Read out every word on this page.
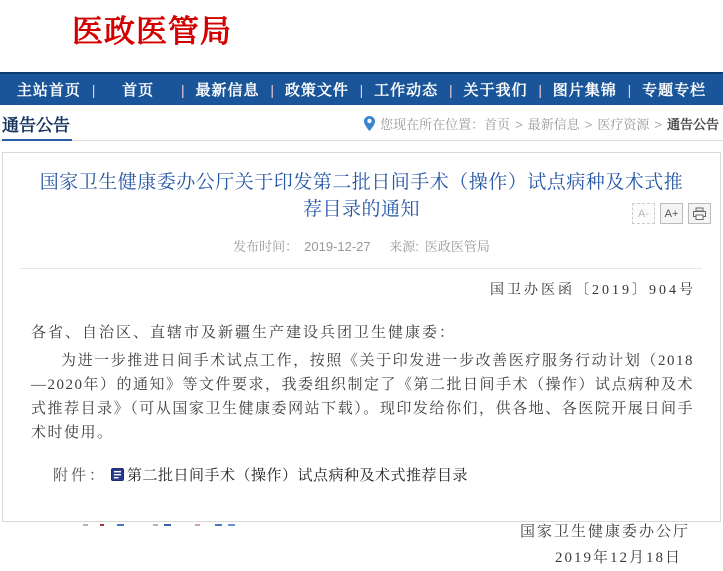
医政医管局
主站首页 |	首页	| 最新信息 | 政策文件 | 工作动态 | 关于我们 | 图片集锦 | 专题专栏
通告公告	您现在所在位置： 首页 > 最新信息 > 医疗资源 > 通告公告
国家卫生健康委办公厅关于印发第二批日间手术（操作）试点病种及术式推荐目录的通知
发布时间： 2019-12-27 来源: 医政医管局
A-	A+
国卫办医函〔2019〕904号
各省、自治区、直辖市及新疆生产建设兵团卫生健康委：
为进一步推进日间手术试点工作，按照《关于印发进一步改善医疗服务行动计划（2018—2020年）的通知》等文件要求，我委组织制定了《第二批日间手术（操作）试点病种及术式推荐目录》（可从国家卫生健康委网站下载）。现印发给你们，供各地、各医院开展日间手术时使用。
附件： 第二批日间手术（操作）试点病种及术式推荐目录
国家卫生健康委办公厅
2019年12月18日
